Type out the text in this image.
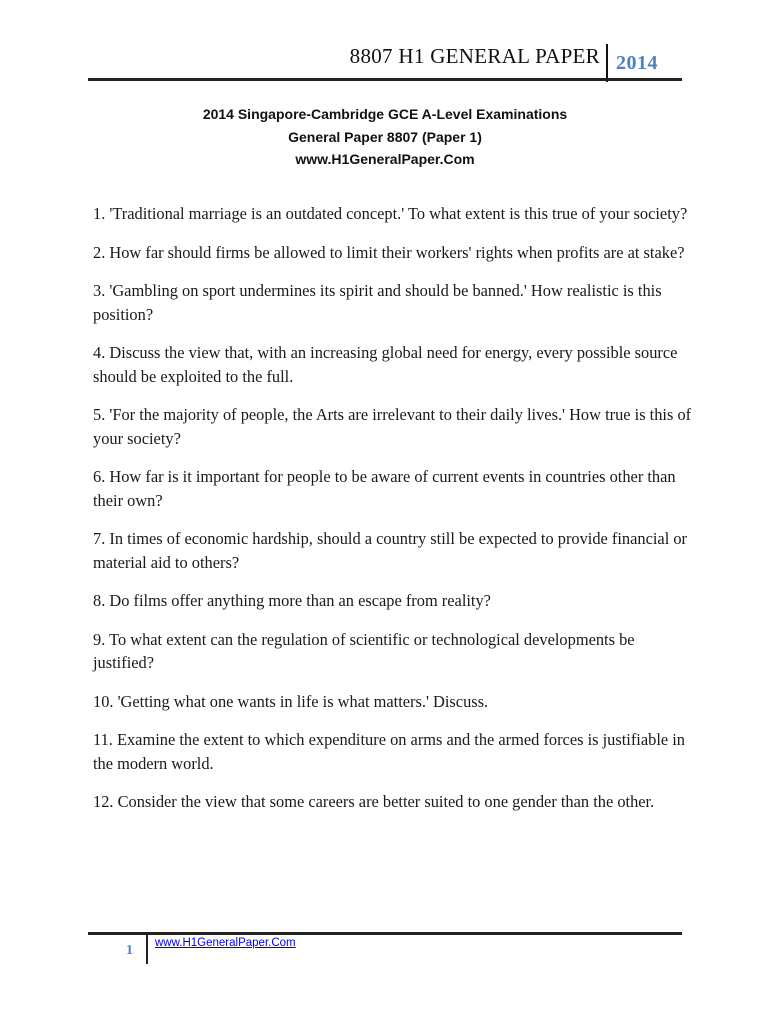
8807 H1 GENERAL PAPER 2014
2014 Singapore-Cambridge GCE A-Level Examinations
General Paper 8807 (Paper 1)
www.H1GeneralPaper.Com
1. 'Traditional marriage is an outdated concept.' To what extent is this true of your society?
2. How far should firms be allowed to limit their workers' rights when profits are at stake?
3. 'Gambling on sport undermines its spirit and should be banned.' How realistic is this position?
4. Discuss the view that, with an increasing global need for energy, every possible source should be exploited to the full.
5. 'For the majority of people, the Arts are irrelevant to their daily lives.' How true is this of your society?
6. How far is it important for people to be aware of current events in countries other than their own?
7. In times of economic hardship, should a country still be expected to provide financial or material aid to others?
8. Do films offer anything more than an escape from reality?
9. To what extent can the regulation of scientific or technological developments be justified?
10. 'Getting what one wants in life is what matters.' Discuss.
11. Examine the extent to which expenditure on arms and the armed forces is justifiable in the modern world.
12. Consider the view that some careers are better suited to one gender than the other.
1 www.H1GeneralPaper.Com
